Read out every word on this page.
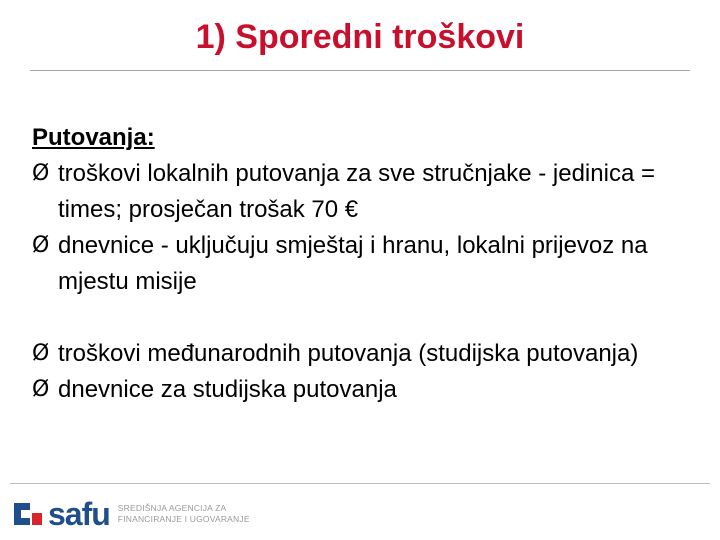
1) Sporedni troškovi
Putovanja:
Ø troškovi lokalnih putovanja za sve stručnjake - jedinica = times; prosječan trošak 70 €
Ø dnevnice - uključuju smještaj i hranu, lokalni prijevoz na mjestu misije
Ø troškovi međunarodnih putovanja (studijska putovanja)
Ø dnevnice za studijska putovanja
safu SREDIŠNJA AGENCIJA ZA
FINANCIRANJE I UGOVARANJE
